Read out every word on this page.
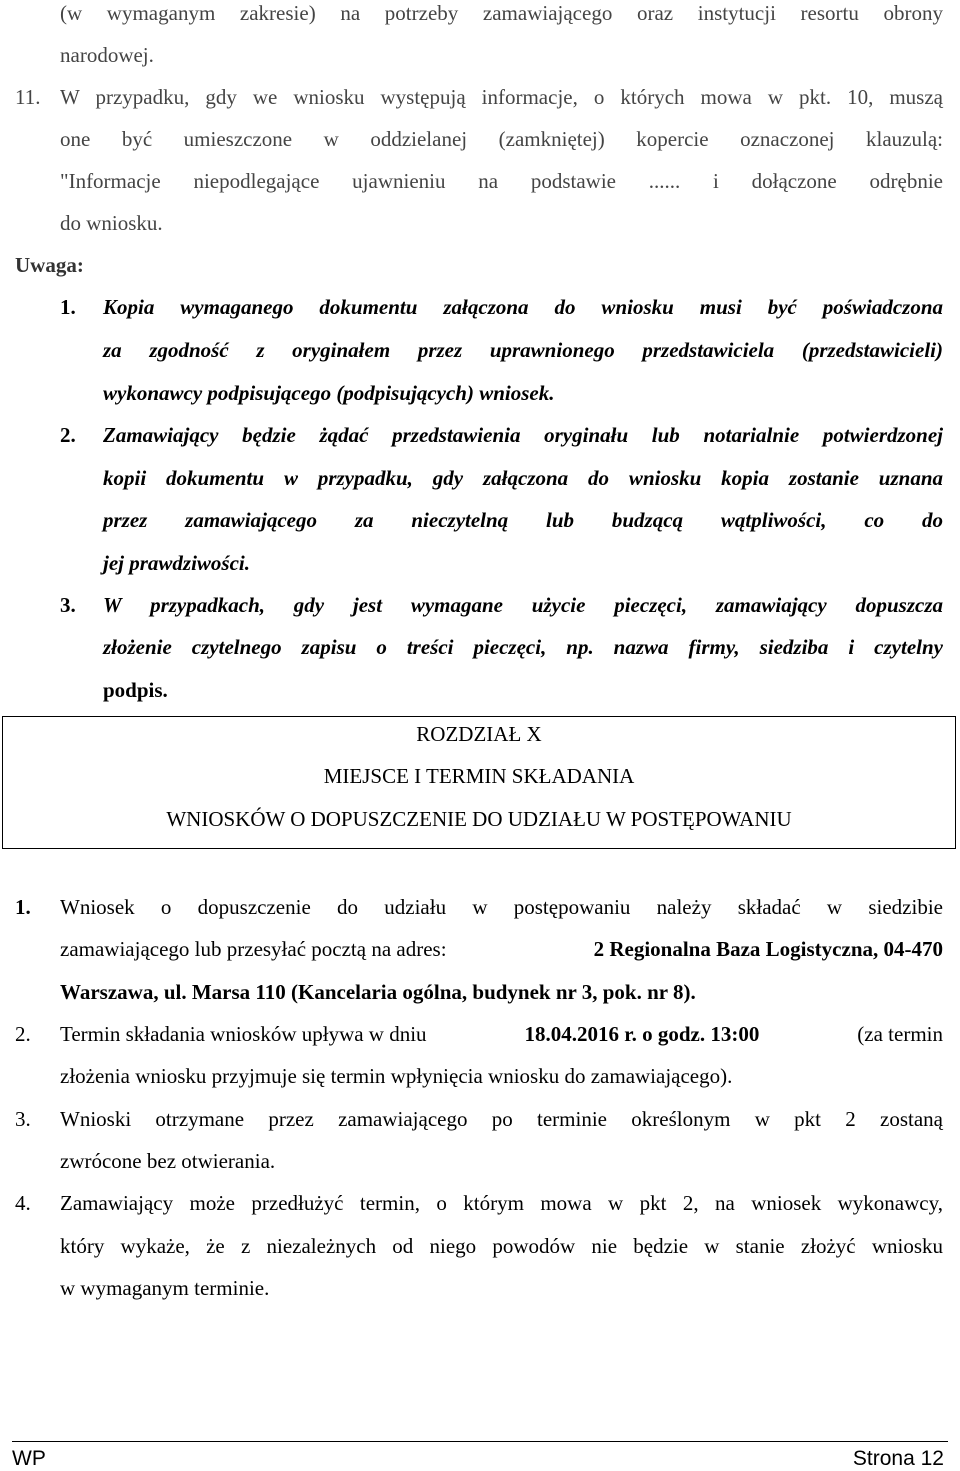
(w wymaganym zakresie) na potrzeby zamawiającego oraz instytucji resortu obrony
narodowej.
11. W przypadku, gdy we wniosku występują informacje, o których mowa w pkt. 10, muszą
one być umieszczone w oddzielanej (zamkniętej) kopercie oznaczonej klauzulą:
"Informacje niepodlegające ujawnieniu na podstawie ...... i dołączone odrębnie
do wniosku.
Uwaga:
1. Kopia wymaganego dokumentu załączona do wniosku musi być poświadczona
za zgodność z oryginałem przez uprawnionego przedstawiciela (przedstawicieli)
wykonawcy podpisującego (podpisujących) wniosek.
2. Zamawiający będzie żądać przedstawienia oryginału lub notarialnie potwierdzonej
kopii dokumentu w przypadku, gdy załączona do wniosku kopia zostanie uznana
przez zamawiającego za nieczytelną lub budzącą wątpliwości, co do
jej prawdziwości.
3. W przypadkach, gdy jest wymagane użycie pieczęci, zamawiający dopuszcza
złożenie czytelnego zapisu o treści pieczęci, np. nazwa firmy, siedziba i czytelny
podpis.
ROZDZIAŁ X
MIEJSCE I TERMIN SKŁADANIA
WNIOSKÓW O DOPUSZCZENIE DO UDZIAŁU W POSTĘPOWANIU
1. Wniosek o dopuszczenie do udziału w postępowaniu należy składać w siedzibie
zamawiającego lub przesyłać pocztą na adres:	2 Regionalna Baza Logistyczna, 04-470
Warszawa, ul. Marsa 110 (Kancelaria ogólna, budynek nr 3, pok. nr 8).
2. Termin składania wniosków upływa w dniu	18.04.2016 r. o godz. 13:00	(za termin
złożenia wniosku przyjmuje się termin wpłynięcia wniosku do zamawiającego).
3. Wnioski otrzymane przez zamawiającego po terminie określonym w pkt 2 zostaną
zwrócone bez otwierania.
4. Zamawiający może przedłużyć termin, o którym mowa w pkt 2, na wniosek wykonawcy,
który wykaże, że z niezależnych od niego powodów nie będzie w stanie złożyć wniosku
w wymaganym terminie.
WP	Strona 12
